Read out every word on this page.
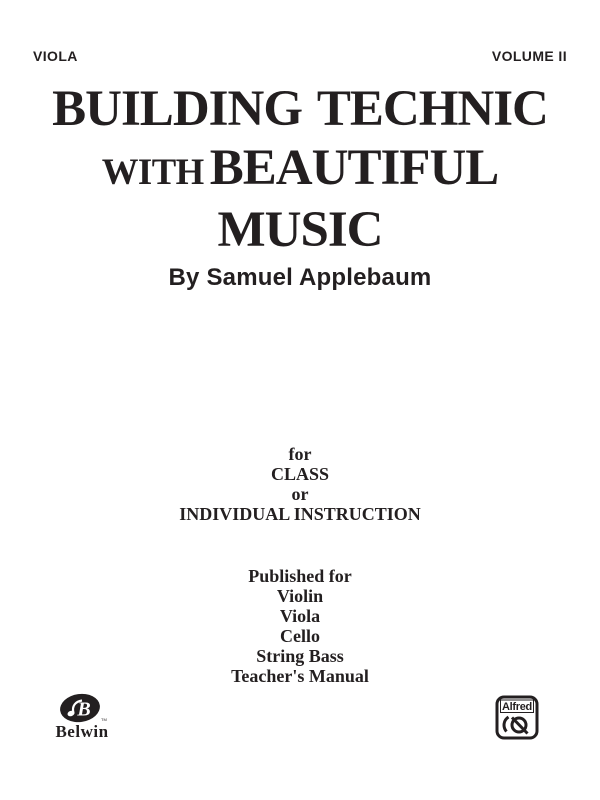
VIOLA	VOLUME II
BUILDING TECHNIC
WITH BEAUTIFUL
MUSIC
By Samuel Applebaum
for
CLASS
or
INDIVIDUAL INSTRUCTION
Published for
Violin
Viola
Cello
String Bass
Teacher's Manual
B	TM
Belwin
Alfred
